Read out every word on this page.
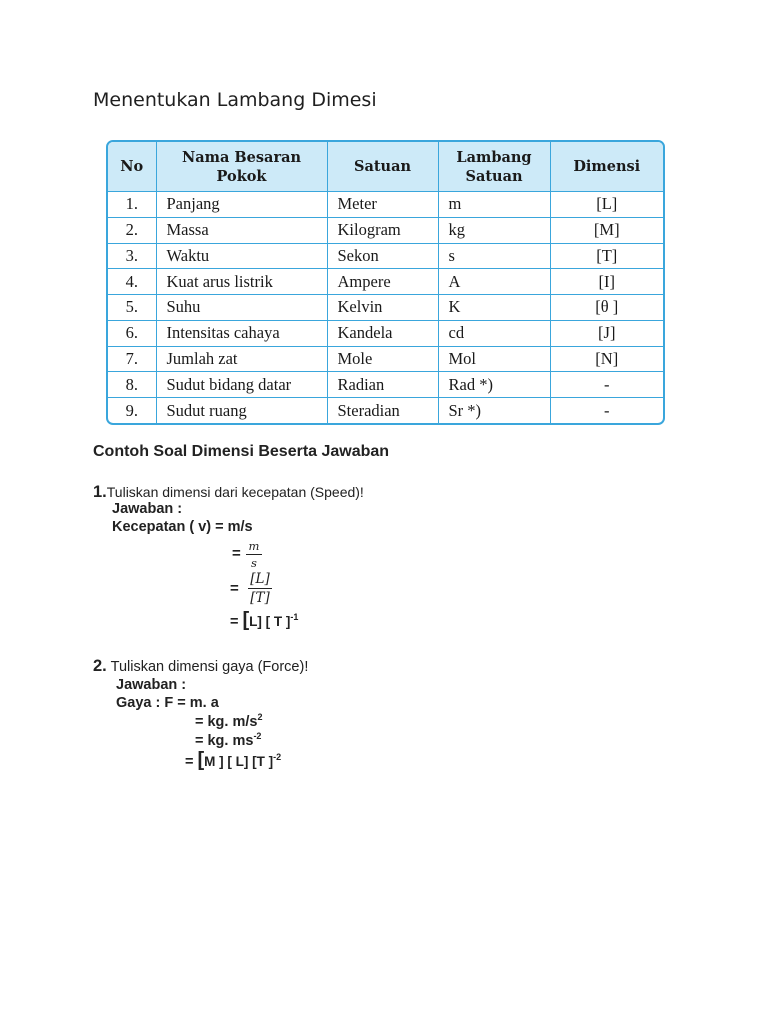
Menentukan Lambang Dimesi
No	Nama Besaran Pokok	Satuan	Lambang Satuan	Dimensi
1.	Panjang	Meter	m	[L]
2.	Massa	Kilogram	kg	[M]
3.	Waktu	Sekon	s	[T]
4.	Kuat arus listrik	Ampere	A	[I]
5.	Suhu	Kelvin	K	[θ ]
6.	Intensitas cahaya	Kandela	cd	[J]
7.	Jumlah zat	Mole	Mol	[N]
8.	Sudut bidang datar	Radian	Rad *)	-
9.	Sudut ruang	Steradian	Sr *)	-
Contoh Soal Dimensi Beserta Jawaban
1.Tuliskan dimensi dari kecepatan (Speed)!
Jawaban :
Kecepatan ( v) = m/s
= m
s
=
[L]
[T]
= [L] [ T ]$^{-1}$
2. Tuliskan dimensi gaya (Force)!
Jawaban :
Gaya : F = m. a
= kg. $m/s^2$
= kg. $ms^{-2}$
= [M ] [ L] [T ]$^{-2}$
